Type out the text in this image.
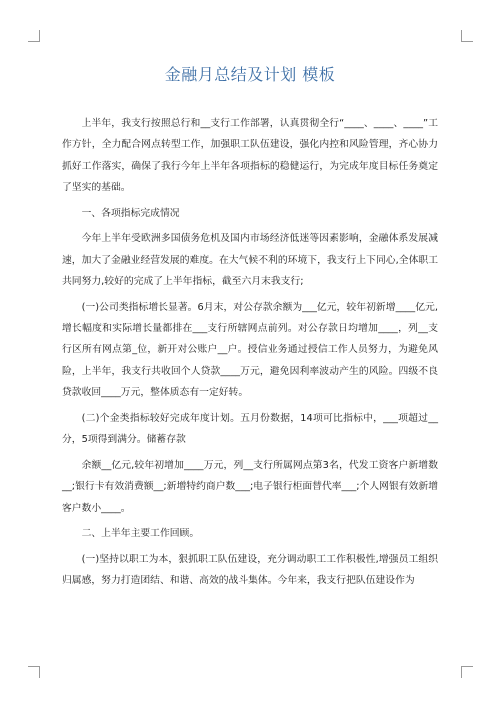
金融月总结及计划 模板

上半年，我支行按照总行和__支行工作部署，认真贯彻全行“____、____、____”工作方针，全力配合网点转型工作，加强职工队伍建设，强化内控和风险管理，齐心协力抓好工作落实，确保了我行今年上半年各项指标的稳健运行，为完成年度目标任务奠定了坚实的基础。

一、各项指标完成情况

今年上半年受欧洲多国债务危机及国内市场经济低迷等因素影响，金融体系发展减速，加大了金融业经营发展的难度。在大气候不利的环境下，我支行上下同心,全体职工共同努力,较好的完成了上半年指标，截至六月末我支行;

(一)公司类指标增长显著。6月末，对公存款余额为___亿元，较年初新增____亿元,增长幅度和实际增长量都排在___支行所辖网点前列。对公存款日均增加____，列__支行区所有网点第_位，新开对公账户__户。授信业务通过授信工作人员努力，为避免风险，上半年，我支行共收回个人贷款____万元，避免因利率波动产生的风险。四级不良贷款收回____万元，整体质态有一定好转。

(二)个金类指标较好完成年度计划。五月份数据，14项可比指标中，___项超过__分，5项得到满分。储蓄存款

余额__亿元,较年初增加____万元，列__支行所属网点第3名，代发工资客户新增数__;银行卡有效消费额__;新增特约商户数___;电子银行柜面替代率___;个人网银有效新增客户数小____。

二、上半年主要工作回顾。

(一)坚持以职工为本，狠抓职工队伍建设，充分调动职工工作积极性,增强员工组织归属感，努力打造团结、和谐、高效的战斗集体。今年来，我支行把队伍建设作为
